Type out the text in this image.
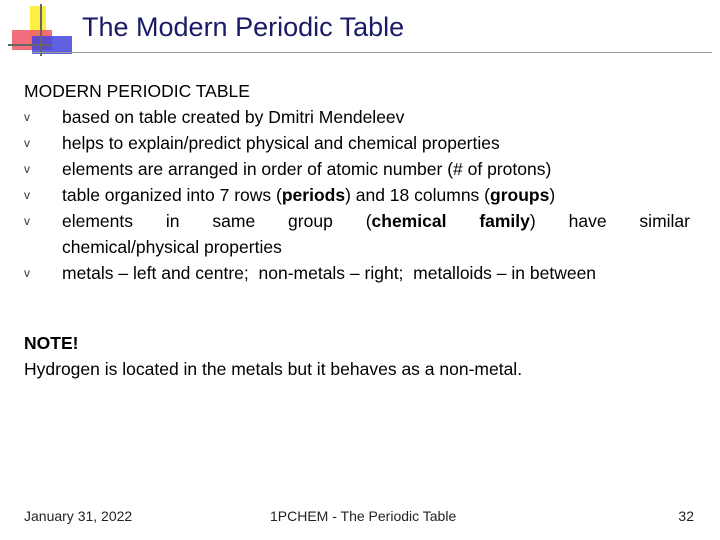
The Modern Periodic Table

MODERN PERIODIC TABLE

v	based on table created by Dmitri Mendeleev
v	helps to explain/predict physical and chemical properties
v	elements are arranged in order of atomic number (# of protons)
v	table organized into 7 rows (periods) and 18 columns (groups)
v	elements in same group (chemical family) have similar
chemical/physical properties
v	metals – left and centre;  non-metals – right;  metalloids – in between
NOTE!
Hydrogen is located in the metals but it behaves as a non-metal.
January 31, 2022	1PCHEM - The Periodic Table	32
